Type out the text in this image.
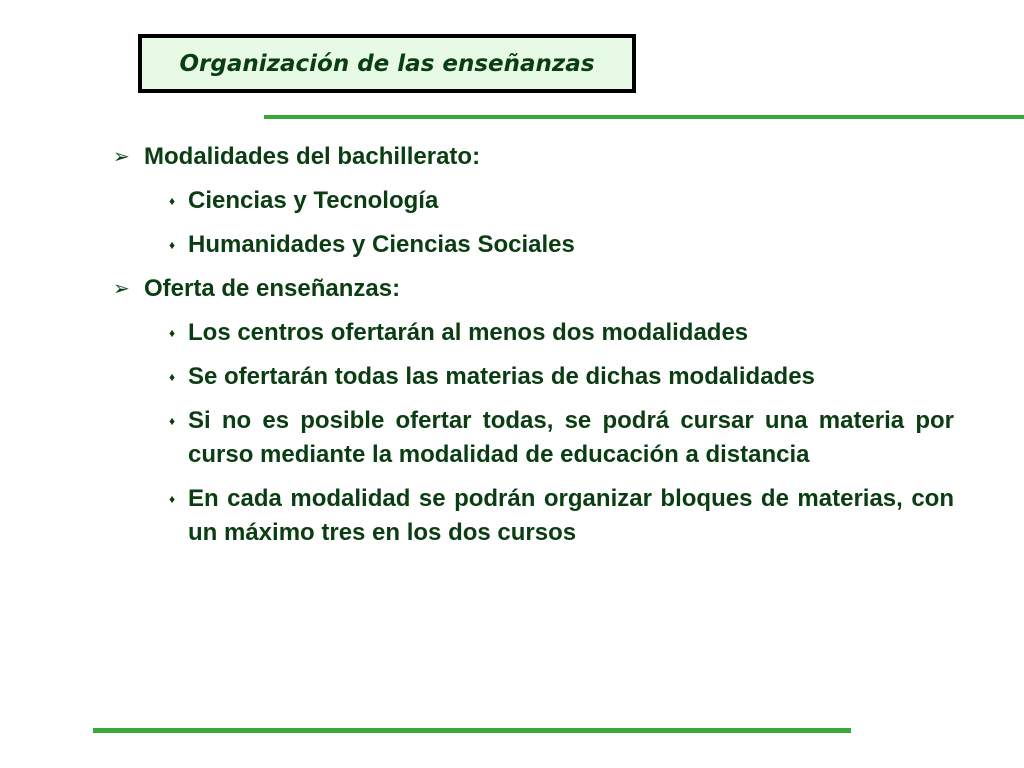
Organización de las enseñanzas
➢ Modalidades del bachillerato:
♦ Ciencias y Tecnología
♦ Humanidades y Ciencias Sociales
➢ Oferta de enseñanzas:
♦ Los centros ofertarán al menos dos modalidades
♦ Se ofertarán todas las materias de dichas modalidades
♦ Si no es posible ofertar todas, se podrá cursar una materia por curso mediante la modalidad de educación a distancia
♦ En cada modalidad se podrán organizar bloques de materias, con un máximo tres en los dos cursos
